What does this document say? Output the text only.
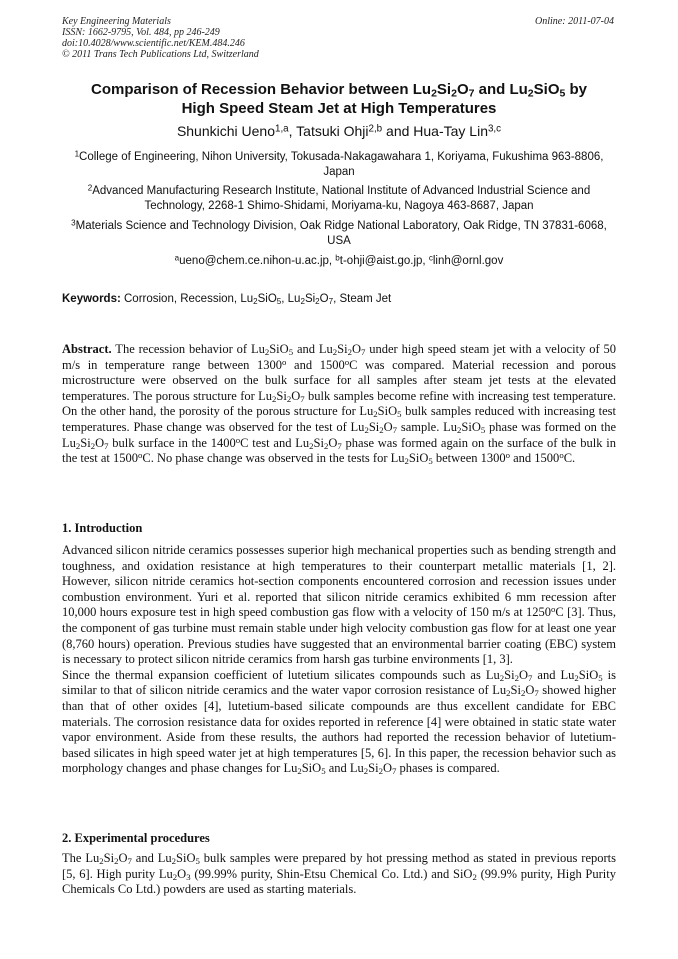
Key Engineering Materials
ISSN: 1662-9795, Vol. 484, pp 246-249
doi:10.4028/www.scientific.net/KEM.484.246
© 2011 Trans Tech Publications Ltd, Switzerland
Online: 2011-07-04
Comparison of Recession Behavior between $Lu_2Si_2O_7$ and $Lu_2SiO_5$ by
High Speed Steam Jet at High Temperatures
Shunkichi Ueno$^{1,a}$, Tatsuki Ohji$^{2,b}$ and Hua-Tay Lin$^{3,c}$
$^1$College of Engineering, Nihon University, Tokusada-Nakagawahara 1, Koriyama, Fukushima 963-8806, Japan
$^2$Advanced Manufacturing Research Institute, National Institute of Advanced Industrial Science and Technology, 2268-1 Shimo-Shidami, Moriyama-ku, Nagoya 463-8687, Japan
$^3$Materials Science and Technology Division, Oak Ridge National Laboratory, Oak Ridge, TN 37831-6068, USA
$^a$ueno@chem.ce.nihon-u.ac.jp, $^b$t-ohji@aist.go.jp, $^c$linh@ornl.gov
Keywords: Corrosion, Recession, $Lu_2SiO_5$, $Lu_2Si_2O_7$, Steam Jet
Abstract. The recession behavior of $Lu_2SiO_5$ and $Lu_2Si_2O_7$ under high speed steam jet with a velocity of 50 m/s in temperature range between 1300$^o$ and 1500$^o$C was compared. Material recession and porous microstructure were observed on the bulk surface for all samples after steam jet tests at the elevated temperatures. The porous structure for $Lu_2Si_2O_7$ bulk samples become refine with increasing test temperature. On the other hand, the porosity of the porous structure for $Lu_2SiO_5$ bulk samples reduced with increasing test temperatures. Phase change was observed for the test of $Lu_2Si_2O_7$ sample. $Lu_2SiO_5$ phase was formed on the $Lu_2Si_2O_7$ bulk surface in the 1400$^o$C test and $Lu_2Si_2O_7$ phase was formed again on the surface of the bulk in the test at 1500$^o$C. No phase change was observed in the tests for $Lu_2SiO_5$ between 1300$^o$ and 1500$^o$C.
1. Introduction
Advanced silicon nitride ceramics possesses superior high mechanical properties such as bending strength and toughness, and oxidation resistance at high temperatures to their counterpart metallic materials [1, 2]. However, silicon nitride ceramics hot-section components encountered corrosion and recession issues under combustion environment. Yuri et al. reported that silicon nitride ceramics exhibited 6 mm recession after 10,000 hours exposure test in high speed combustion gas flow with a velocity of 150 m/s at 1250$^o$C [3]. Thus, the component of gas turbine must remain stable under high velocity combustion gas flow for at least one year (8,760 hours) operation. Previous studies have suggested that an environmental barrier coating (EBC) system is necessary to protect silicon nitride ceramics from harsh gas turbine environments [1, 3].
Since the thermal expansion coefficient of lutetium silicates compounds such as $Lu_2Si_2O_7$ and $Lu_2SiO_5$ is similar to that of silicon nitride ceramics and the water vapor corrosion resistance of $Lu_2Si_2O_7$ showed higher than that of other oxides [4], lutetium-based silicate compounds are thus excellent candidate for EBC materials. The corrosion resistance data for oxides reported in reference [4] were obtained in static state water vapor environment. Aside from these results, the authors had reported the recession behavior of lutetium-based silicates in high speed water jet at high temperatures [5, 6]. In this paper, the recession behavior such as morphology changes and phase changes for $Lu_2SiO_5$ and $Lu_2Si_2O_7$ phases is compared.
2. Experimental procedures
The $Lu_2Si_2O_7$ and $Lu_2SiO_5$ bulk samples were prepared by hot pressing method as stated in previous reports [5, 6]. High purity $Lu_2O_3$ (99.99% purity, Shin-Etsu Chemical Co. Ltd.) and SiO$_2$ (99.9% purity, High Purity Chemicals Co Ltd.) powders are used as starting materials.
